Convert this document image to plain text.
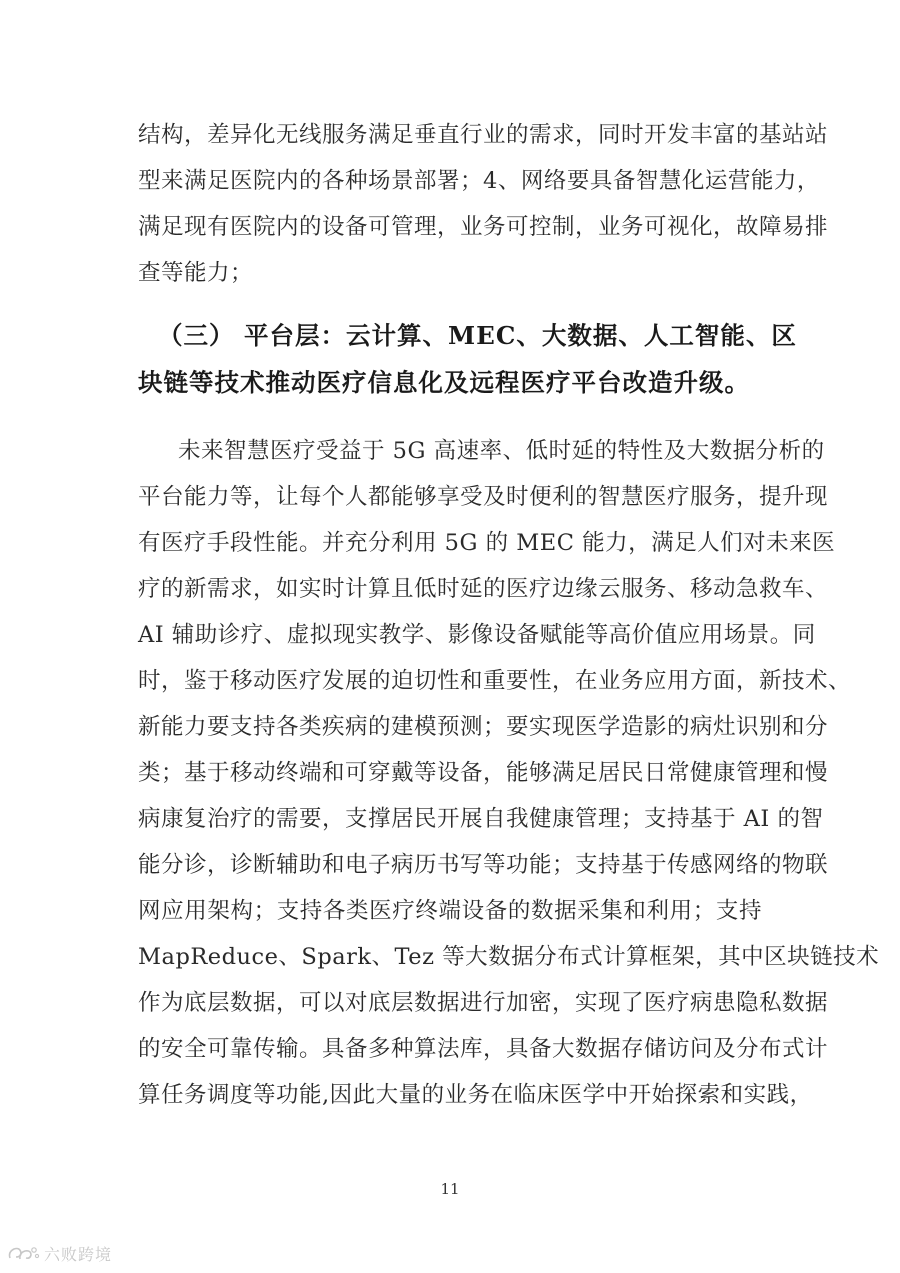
结构，差异化无线服务满足垂直行业的需求，同时开发丰富的基站站
型来满足医院内的各种场景部署；4、网络要具备智慧化运营能力，
满足现有医院内的设备可管理，业务可控制，业务可视化，故障易排
查等能力；
（三） 平台层：云计算、MEC、大数据、人工智能、区
块链等技术推动医疗信息化及远程医疗平台改造升级。
未来智慧医疗受益于 5G 高速率、低时延的特性及大数据分析的
平台能力等，让每个人都能够享受及时便利的智慧医疗服务，提升现
有医疗手段性能。并充分利用 5G 的 MEC 能力，满足人们对未来医
疗的新需求，如实时计算且低时延的医疗边缘云服务、移动急救车、
AI 辅助诊疗、虚拟现实教学、影像设备赋能等高价值应用场景。同
时，鉴于移动医疗发展的迫切性和重要性，在业务应用方面，新技术、
新能力要支持各类疾病的建模预测；要实现医学造影的病灶识别和分
类；基于移动终端和可穿戴等设备，能够满足居民日常健康管理和慢
病康复治疗的需要，支撑居民开展自我健康管理；支持基于 AI 的智
能分诊，诊断辅助和电子病历书写等功能；支持基于传感网络的物联
网应用架构；支持各类医疗终端设备的数据采集和利用；支持
MapReduce、Spark、Tez 等大数据分布式计算框架，其中区块链技术
作为底层数据，可以对底层数据进行加密，实现了医疗病患隐私数据
的安全可靠传输。具备多种算法库，具备大数据存储访问及分布式计
算任务调度等功能,因此大量的业务在临床医学中开始探索和实践，
11
六败跨境
